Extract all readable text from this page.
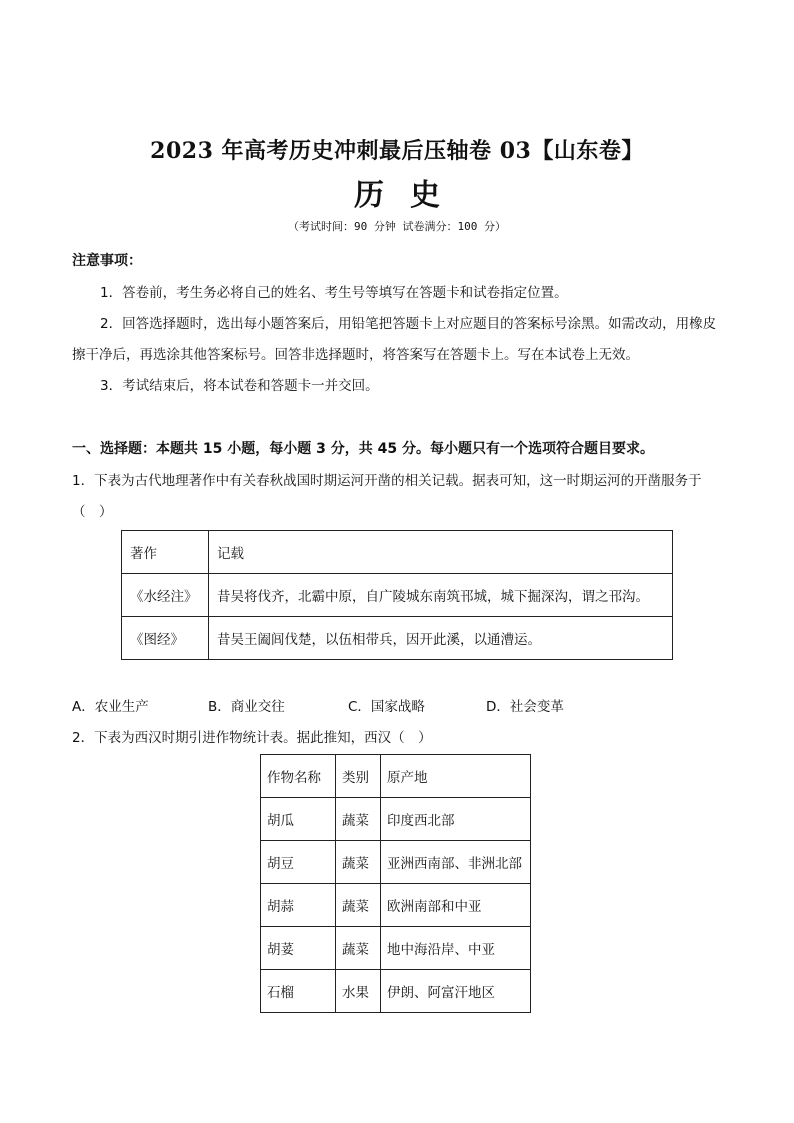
2023 年高考历史冲刺最后压轴卷 03【山东卷】
历史
（考试时间：90 分钟 试卷满分：100 分）
注意事项：
1．答卷前，考生务必将自己的姓名、考生号等填写在答题卡和试卷指定位置。
2．回答选择题时，选出每小题答案后，用铅笔把答题卡上对应题目的答案标号涂黑。如需改动，用橡皮擦干净后，再选涂其他答案标号。回答非选择题时，将答案写在答题卡上。写在本试卷上无效。
3．考试结束后，将本试卷和答题卡一并交回。
一、选择题：本题共 15 小题，每小题 3 分，共 45 分。每小题只有一个选项符合题目要求。
1．下表为古代地理著作中有关春秋战国时期运河开凿的相关记载。据表可知，这一时期运河的开凿服务于（　）
著作	记载
《水经注》	昔吴将伐齐，北霸中原，自广陵城东南筑邗城，城下掘深沟，谓之邗沟。
《图经》	昔吴王阖闾伐楚，以伍相带兵，因开此溪，以通漕运。
A．农业生产	B．商业交往	C．国家战略	D．社会变革
2．下表为西汉时期引进作物统计表。据此推知，西汉（　）
作物名称	类别	原产地
胡瓜	蔬菜	印度西北部
胡豆	蔬菜	亚洲西南部、非洲北部
胡蒜	蔬菜	欧洲南部和中亚
胡荽	蔬菜	地中海沿岸、中亚
石榴	水果	伊朗、阿富汗地区
